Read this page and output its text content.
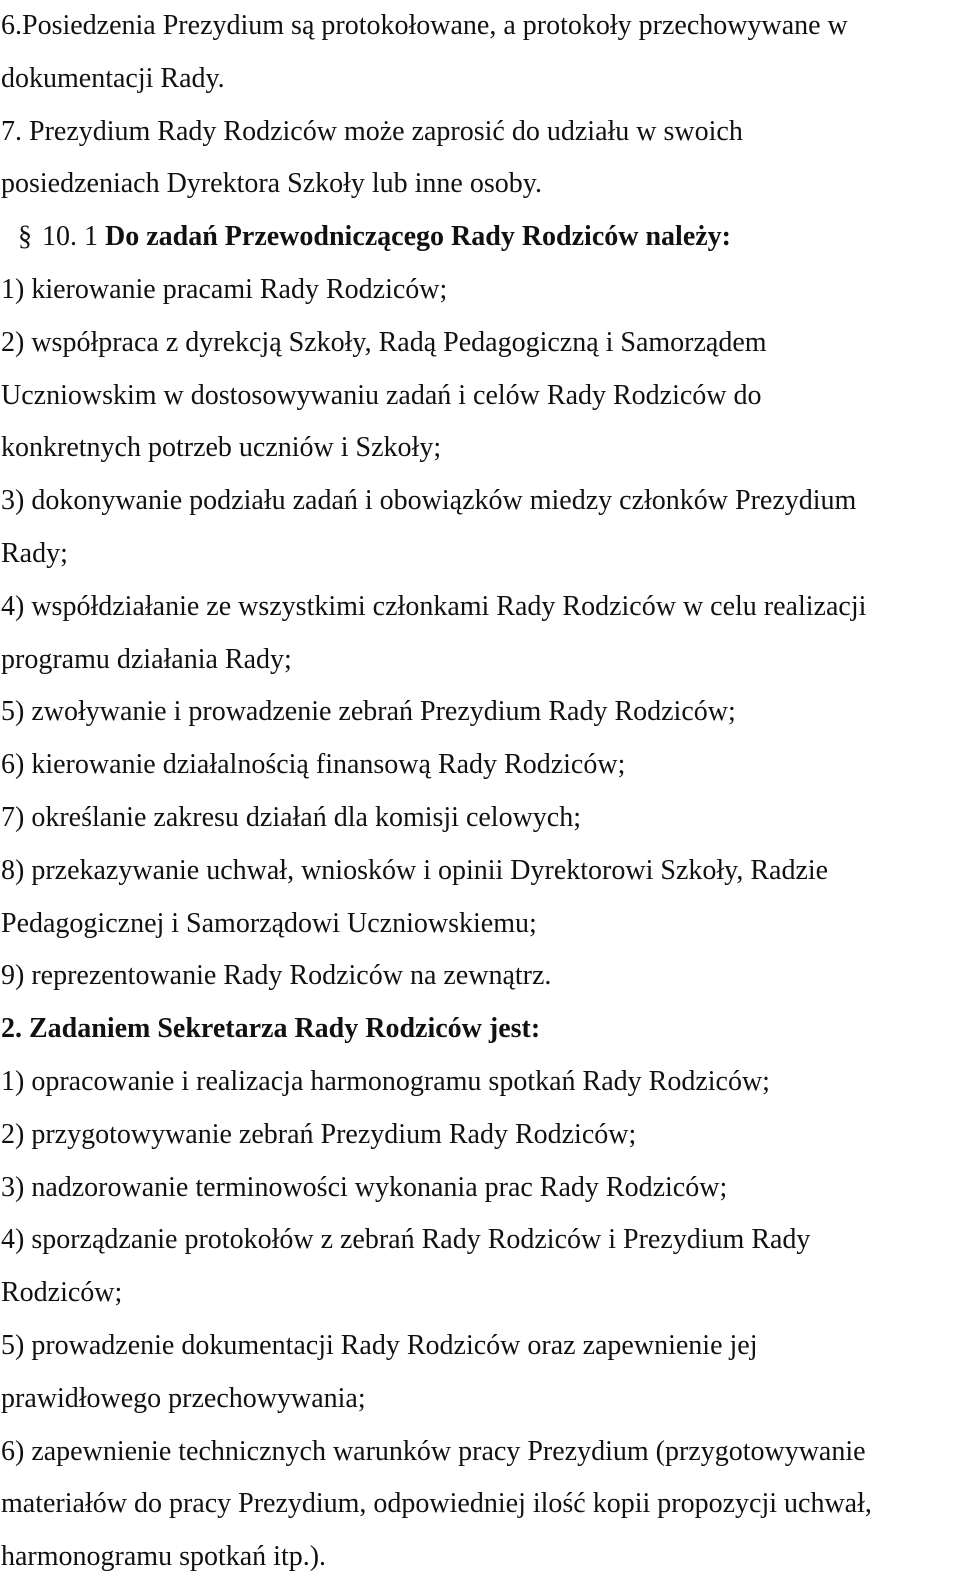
6.Posiedzenia Prezydium są protokołowane, a protokoły przechowywane w
dokumentacji Rady.
7. Prezydium Rady Rodziców może zaprosić do udziału w swoich
posiedzeniach Dyrektora Szkoły lub inne osoby.
§ 10. 1 Do zadań Przewodniczącego Rady Rodziców należy:
1) kierowanie pracami Rady Rodziców;
2) współpraca z dyrekcją Szkoły, Radą Pedagogiczną i Samorządem
Uczniowskim w dostosowywaniu zadań i celów Rady Rodziców do
konkretnych potrzeb uczniów i Szkoły;
3) dokonywanie podziału zadań i obowiązków miedzy członków Prezydium
Rady;
4) współdziałanie ze wszystkimi członkami Rady Rodziców w celu realizacji
programu działania Rady;
5) zwoływanie i prowadzenie zebrań Prezydium Rady Rodziców;
6) kierowanie działalnością finansową Rady Rodziców;
7) określanie zakresu działań dla komisji celowych;
8) przekazywanie uchwał, wniosków i opinii Dyrektorowi Szkoły, Radzie
Pedagogicznej i Samorządowi Uczniowskiemu;
9) reprezentowanie Rady Rodziców na zewnątrz.
2. Zadaniem Sekretarza Rady Rodziców jest:
1) opracowanie i realizacja harmonogramu spotkań Rady Rodziców;
2) przygotowywanie zebrań Prezydium Rady Rodziców;
3) nadzorowanie terminowości wykonania prac Rady Rodziców;
4) sporządzanie protokołów z zebrań Rady Rodziców i Prezydium Rady
Rodziców;
5) prowadzenie dokumentacji Rady Rodziców oraz zapewnienie jej
prawidłowego przechowywania;
6) zapewnienie technicznych warunków pracy Prezydium (przygotowywanie
materiałów do pracy Prezydium, odpowiedniej ilość kopii propozycji uchwał,
harmonogramu spotkań itp.).
